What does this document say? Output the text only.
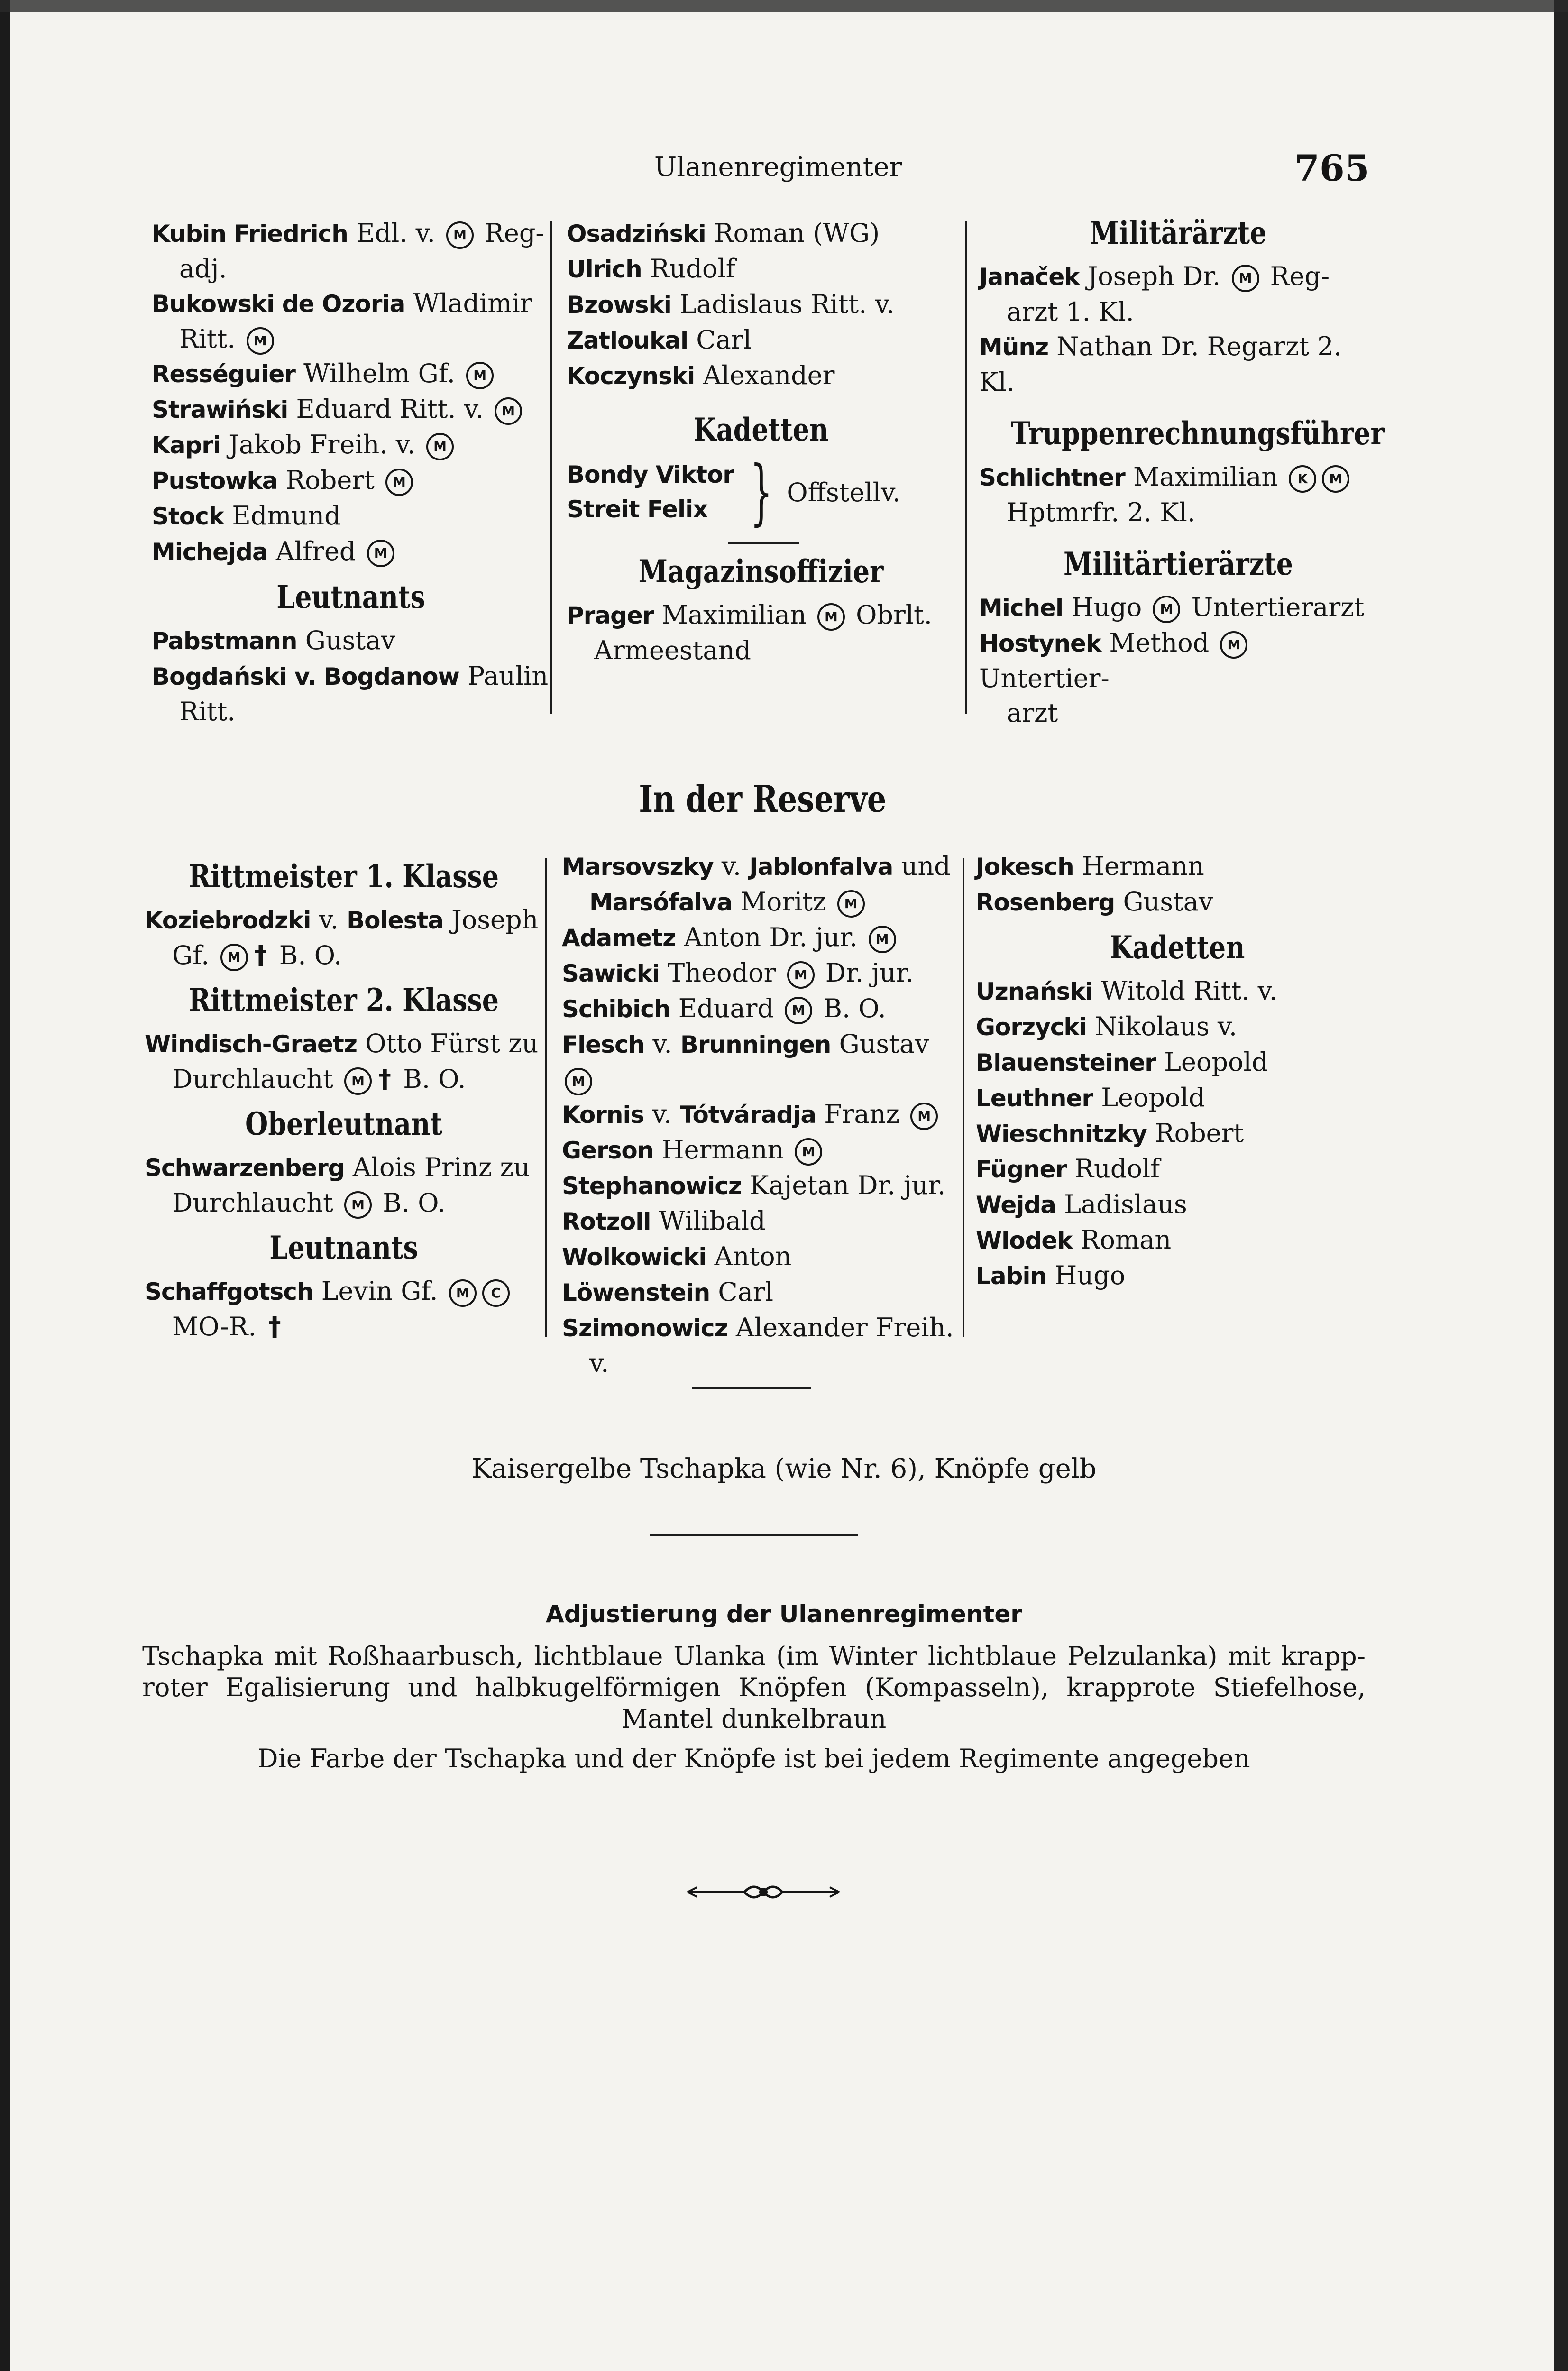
Ulanenregimenter	765

Kubin Friedrich Edl. v. M Reg-

adj.

Bukowski de Ozoria Wladimir

Ritt. M

Rességuier Wilhelm Gf. M

Strawiński Eduard Ritt. v. M

Kapri Jakob Freih. v. M

Pustowka Robert M

Stock Edmund

Michejda Alfred M

Leutnants

Pabstmann Gustav

Bogdański v. Bogdanow Paulin

Ritt.

Osadziński Roman (WG)

Ulrich Rudolf

Bzowski Ladislaus Ritt. v.

Zatloukal Carl

Koczynski Alexander

Kadetten
Bondy Viktor
Streit Felix } Offstellv.
Magazinsoffizier

Prager Maximilian M Obrlt.

Armeestand

Militärärzte

Janaček Joseph Dr. M Reg-

arzt 1. Kl.

Münz Nathan Dr. Regarzt 2. Kl.

Truppenrechnungsführer

Schlichtner Maximilian K M

Hptmrfr. 2. Kl.

Militärtierärzte

Michel Hugo M Untertierarzt

Hostynek Method M Untertier-

arzt

In der Reserve
Rittmeister 1. Klasse

Koziebrodzki v. Bolesta Joseph

Gf. M † B. O.

Rittmeister 2. Klasse

Windisch-Graetz Otto Fürst zu

Durchlaucht M † B. O.

Oberleutnant

Schwarzenberg Alois Prinz zu

Durchlaucht M B. O.

Leutnants

Schaffgotsch Levin Gf. M C

MO-R. †

Marsovszky v. Jablonfalva und

Marsófalva Moritz M

Adametz Anton Dr. jur. M

Sawicki Theodor M Dr. jur.

Schibich Eduard M B. O.

Flesch v. Brunningen Gustav M

Kornis v. Tótváradja Franz M

Gerson Hermann M

Stephanowicz Kajetan Dr. jur.

Rotzoll Wilibald

Wolkowicki Anton

Löwenstein Carl

Szimonowicz Alexander Freih.

v.

Jokesch Hermann

Rosenberg Gustav

Kadetten

Uznański Witold Ritt. v.

Gorzycki Nikolaus v.

Blauensteiner Leopold

Leuthner Leopold

Wieschnitzky Robert

Fügner Rudolf

Wejda Ladislaus

Wlodek Roman

Labin Hugo

Kaisergelbe Tschapka (wie Nr. 6), Knöpfe gelb
Adjustierung der Ulanenregimenter

Tschapka mit Roßhaarbusch, lichtblaue Ulanka (im Winter lichtblaue Pelzulanka) mit krapp-

roter Egalisierung und halbkugelförmigen Knöpfen (Kompasseln), krapprote Stiefelhose,

Mantel dunkelbraun

Die Farbe der Tschapka und der Knöpfe ist bei jedem Regimente angegeben
